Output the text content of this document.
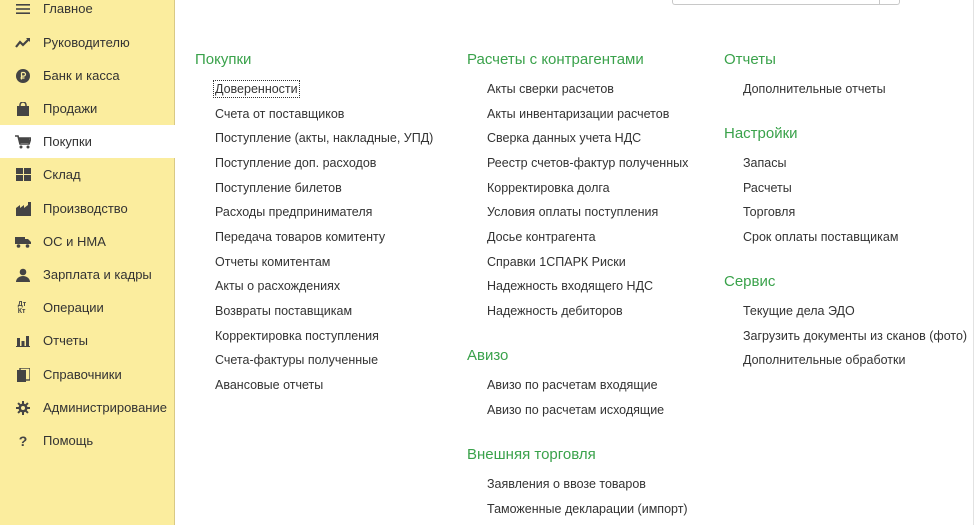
Главное
Руководителю
Банк и касса
Продажи
Покупки
Склад
Производство
ОС и НМА
Зарплата и кадры
Дт
Кт Операции
Отчеты
Справочники
Администрирование
? Помощь
Покупки
Доверенности
Счета от поставщиков
Поступление (акты, накладные, УПД)
Поступление доп. расходов
Поступление билетов
Расходы предпринимателя
Передача товаров комитенту
Отчеты комитентам
Акты о расхождениях
Возвраты поставщикам
Корректировка поступления
Счета-фактуры полученные
Авансовые отчеты
Расчеты с контрагентами
Акты сверки расчетов
Акты инвентаризации расчетов
Сверка данных учета НДС
Реестр счетов-фактур полученных
Корректировка долга
Условия оплаты поступления
Досье контрагента
Справки 1СПАРК Риски
Надежность входящего НДС
Надежность дебиторов
Авизо
Авизо по расчетам входящие
Авизо по расчетам исходящие
Внешняя торговля
Заявления о ввозе товаров
Таможенные декларации (импорт)
Отчеты
Дополнительные отчеты
Настройки
Запасы
Расчеты
Торговля
Срок оплаты поставщикам
Сервис
Текущие дела ЭДО
Загрузить документы из сканов (фото)
Дополнительные обработки
